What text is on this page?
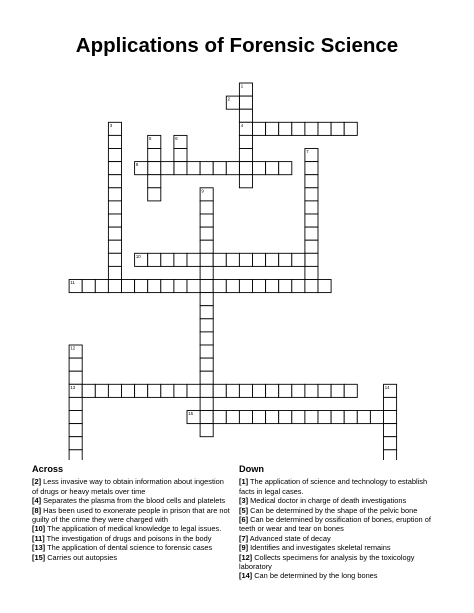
Applications of Forensic Science
1
2
3	4
5	6
7
8
9
10
11
12
13	14
15
Across

[2] Less invasive way to obtain information about ingestion of drugs or heavy metals over time

[4] Separates the plasma from the blood cells and platelets

[8] Has been used to exonerate people in prison that are not guilty of the crime they were charged with

[10] The application of medical knowledge to legal issues.

[11] The investigation of drugs and poisons in the body

[13] The application of dental science to forensic cases

[15] Carries out autopsies

Down

[1] The application of science and technology to establish facts in legal cases.

[3] Medical doctor in charge of death investigations

[5] Can be determined by the shape of the pelvic bone

[6] Can be determined by ossification of bones, eruption of teeth or wear and tear on bones

[7] Advanced state of decay

[9] Identifies and investigates skeletal remains

[12] Collects specimens for analysis by the toxicology laboratory

[14] Can be determined by the long bones
